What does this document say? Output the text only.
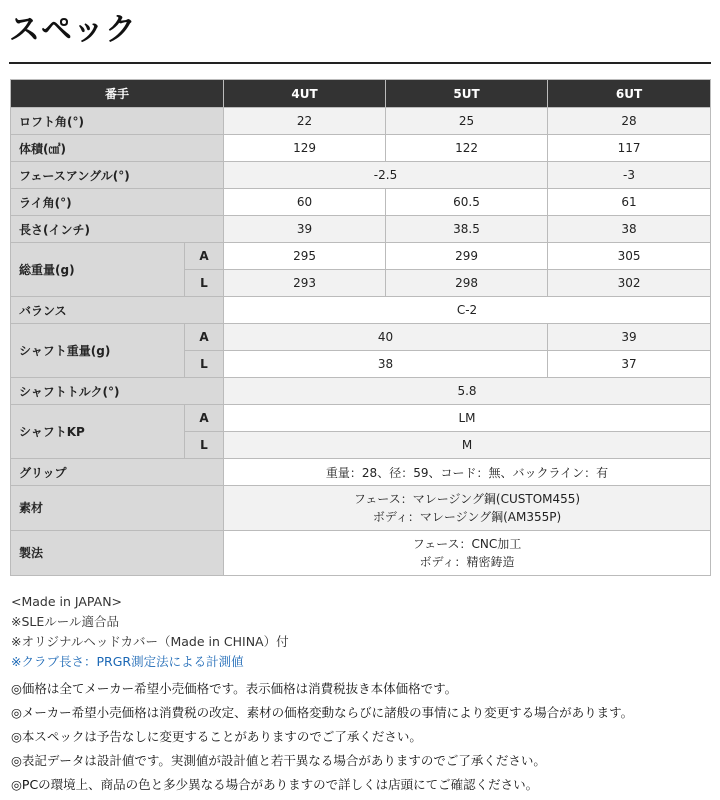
スペック
番手		4UT	5UT	6UT
ロフト角(°)		22	25	28
体積(㎤)		129	122	117
フェースアングル(°)		-2.5		-3
ライ角(°)		60	60.5	61
長さ(インチ)		39	38.5	38
総重量(g)	A	295	299	305
	L	293	298	302
バランス		C-2		
シャフト重量(g)	A	40		39
	L	38		37
シャフトトルク(°)		5.8		
シャフトKP	A	LM		
	L	M		
グリップ		重量：28、径：59、コード：無、バックライン：有		
素材		フェース：マレージング鋼(CUSTOM455)
ボディ：マレージング鋼(AM355P)		

製法		フェース：CNC加工
ボディ：精密鋳造		
<Made in JAPAN>
※SLEルール適合品
※オリジナルヘッドカバー（Made in CHINA）付
※クラブ長さ：PRGR測定法による計測値
◎価格は全てメーカー希望小売価格です。表示価格は消費税抜き本体価格です。
◎メーカー希望小売価格は消費税の改定、素材の価格変動ならびに諸般の事情により変更する場合があります。
◎本スペックは予告なしに変更することがありますのでご了承ください。
◎表記データは設計値です。実測値が設計値と若干異なる場合がありますのでご了承ください。
◎PCの環境上、商品の色と多少異なる場合がありますので詳しくは店頭にてご確認ください。
